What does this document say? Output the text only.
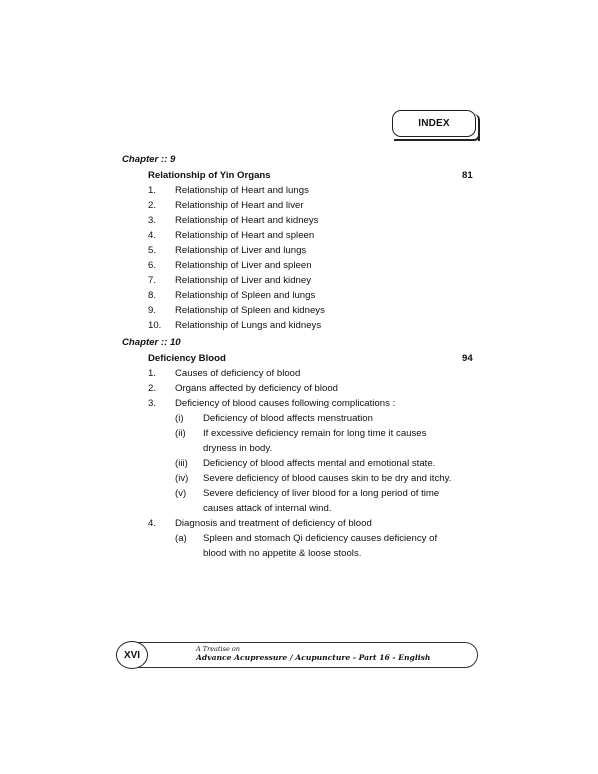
INDEX
Chapter :: 9
Relationship of Yin Organs	81
1. Relationship of Heart and lungs
2. Relationship of Heart and liver
3. Relationship of Heart and kidneys
4. Relationship of Heart and spleen
5. Relationship of Liver and lungs
6. Relationship of Liver and spleen
7. Relationship of Liver and kidney
8. Relationship of Spleen and lungs
9. Relationship of Spleen and kidneys
10. Relationship of Lungs and kidneys
Chapter :: 10
Deficiency Blood	94
1. Causes of deficiency of blood
2. Organs affected by deficiency of blood
3. Deficiency of blood causes following complications :
(i) Deficiency of blood affects menstruation
(ii) If excessive deficiency remain for long time it causes
dryness in body.
(iii) Deficiency of blood affects mental and emotional state.
(iv) Severe deficiency of blood causes skin to be dry and itchy.
(v) Severe deficiency of liver blood for a long period of time
causes attack of internal wind.
4. Diagnosis and treatment of deficiency of blood
(a) Spleen and stomach Qi deficiency causes deficiency of
blood with no appetite & loose stools.
XVI
A Treatise on
Advance Acupressure / Acupuncture - Part 16 - English
